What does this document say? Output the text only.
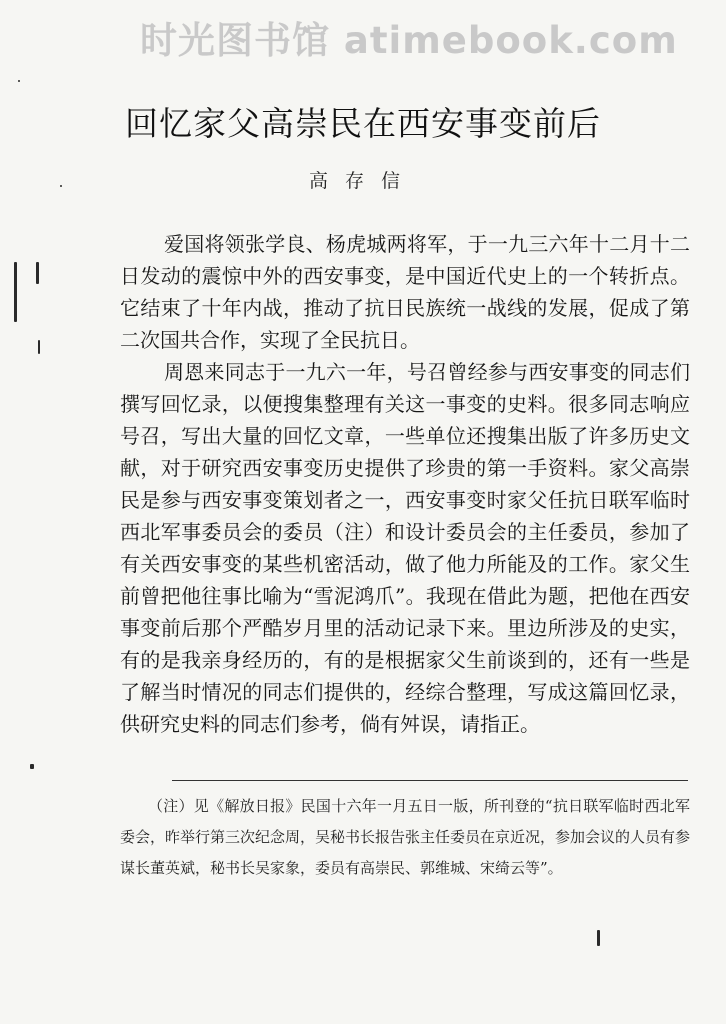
时光图书馆 atimebook.com
回忆家父高崇民在西安事变前后
高存信

爱国将领张学良、杨虎城两将军，于一九三六年十二月十二日发动的震惊中外的西安事变，是中国近代史上的一个转折点。它结束了十年内战，推动了抗日民族统一战线的发展，促成了第二次国共合作，实现了全民抗日。

周恩来同志于一九六一年，号召曾经参与西安事变的同志们撰写回忆录，以便搜集整理有关这一事变的史料。很多同志响应号召，写出大量的回忆文章，一些单位还搜集出版了许多历史文献，对于研究西安事变历史提供了珍贵的第一手资料。家父高崇民是参与西安事变策划者之一，西安事变时家父任抗日联军临时西北军事委员会的委员（注）和设计委员会的主任委员，参加了有关西安事变的某些机密活动，做了他力所能及的工作。家父生前曾把他往事比喻为“雪泥鸿爪”。我现在借此为题，把他在西安事变前后那个严酷岁月里的活动记录下来。里边所涉及的史实，有的是我亲身经历的，有的是根据家父生前谈到的，还有一些是了解当时情况的同志们提供的，经综合整理，写成这篇回忆录，供研究史料的同志们参考，倘有舛误，请指正。

（注）见《解放日报》民国十六年一月五日一版，所刊登的“抗日联军临时西北军委会，昨举行第三次纪念周，吴秘书长报告张主任委员在京近况，参加会议的人员有参谋长董英斌，秘书长吴家象，委员有高崇民、郭维城、宋绮云等”。
